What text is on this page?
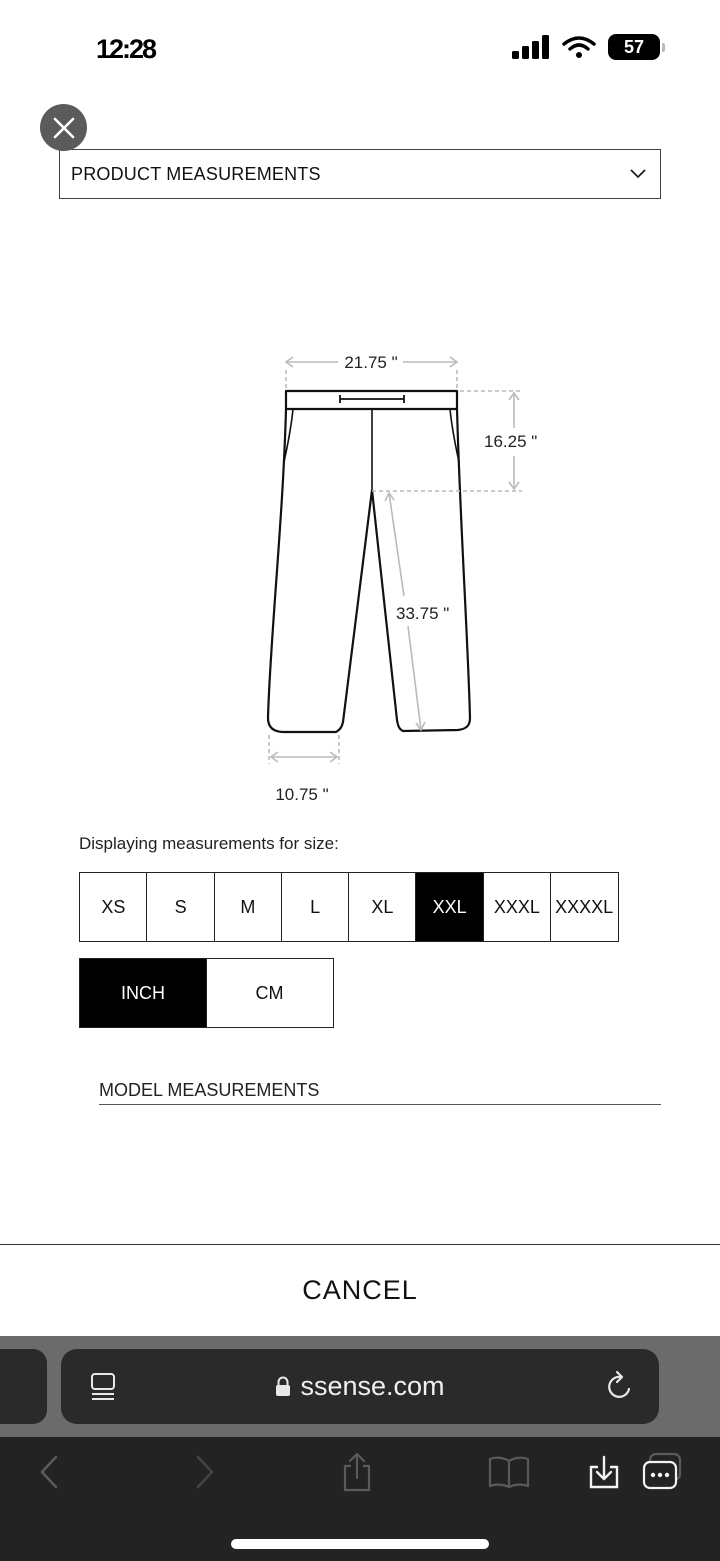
12:28	57
PRODUCT MEASUREMENTS
21.75 "
16.25 "
33.75 "
10.75 "
Displaying measurements for size:
XS	S	M	L	XL	XXL	XXXL XXXXL
INCH	CM
MODEL MEASUREMENTS
CANCEL
ssense.com
